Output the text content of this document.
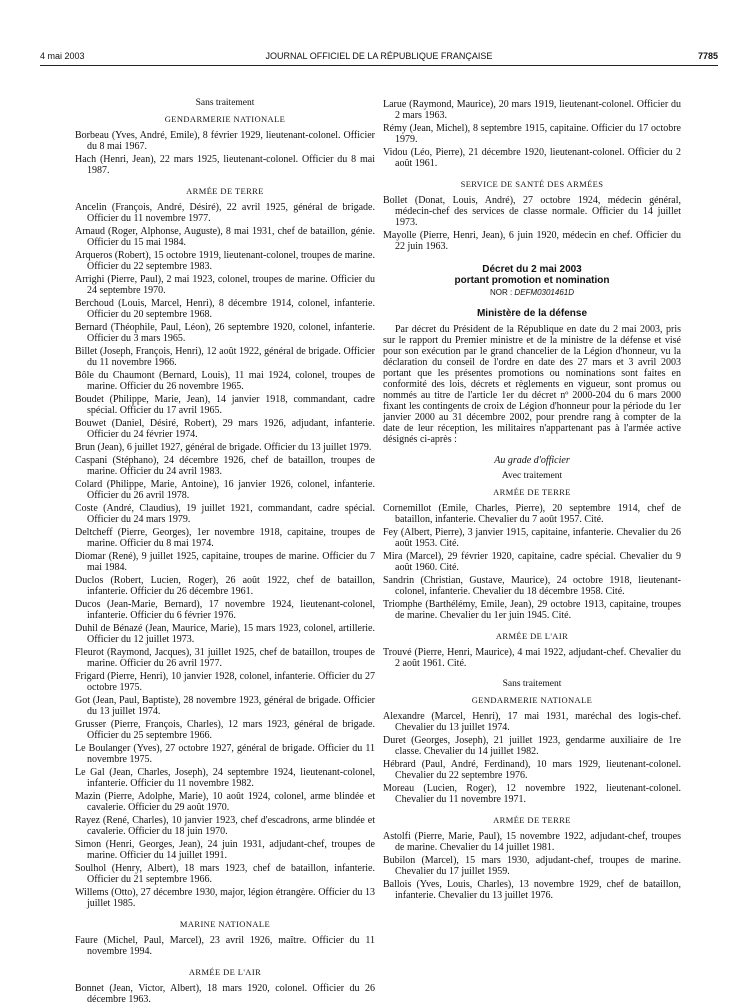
4 mai 2003	JOURNAL OFFICIEL DE LA RÉPUBLIQUE FRANÇAISE	7785

Sans traitement

GENDARMERIE NATIONALE

Borbeau (Yves, André, Emile), 8 février 1929, lieutenant-colonel. Officier du 8 mai 1967.

Hach (Henri, Jean), 22 mars 1925, lieutenant-colonel. Officier du 8 mai 1987.

ARMÉE DE TERRE

Ancelin (François, André, Désiré), 22 avril 1925, général de brigade. Officier du 11 novembre 1977.

Arnaud (Roger, Alphonse, Auguste), 8 mai 1931, chef de bataillon, génie. Officier du 15 mai 1984.

Arqueros (Robert), 15 octobre 1919, lieutenant-colonel, troupes de marine. Officier du 22 septembre 1983.

Arrighi (Pierre, Paul), 2 mai 1923, colonel, troupes de marine. Officier du 24 septembre 1970.

Berchoud (Louis, Marcel, Henri), 8 décembre 1914, colonel, infanterie. Officier du 20 septembre 1968.

Bernard (Théophile, Paul, Léon), 26 septembre 1920, colonel, infanterie. Officier du 3 mars 1965.

Billet (Joseph, François, Henri), 12 août 1922, général de brigade. Officier du 11 novembre 1966.

Bôle du Chaumont (Bernard, Louis), 11 mai 1924, colonel, troupes de marine. Officier du 26 novembre 1965.

Boudet (Philippe, Marie, Jean), 14 janvier 1918, commandant, cadre spécial. Officier du 17 avril 1965.

Bouwet (Daniel, Désiré, Robert), 29 mars 1926, adjudant, infanterie. Officier du 24 février 1974.

Brun (Jean), 6 juillet 1927, général de brigade. Officier du 13 juillet 1979.

Caspani (Stéphano), 24 décembre 1926, chef de bataillon, troupes de marine. Officier du 24 avril 1983.

Colard (Philippe, Marie, Antoine), 16 janvier 1926, colonel, infanterie. Officier du 26 avril 1978.

Coste (André, Claudius), 19 juillet 1921, commandant, cadre spécial. Officier du 24 mars 1979.

Deltcheff (Pierre, Georges), 1er novembre 1918, capitaine, troupes de marine. Officier du 8 mai 1974.

Diomar (René), 9 juillet 1925, capitaine, troupes de marine. Officier du 7 mai 1984.

Duclos (Robert, Lucien, Roger), 26 août 1922, chef de bataillon, infanterie. Officier du 26 décembre 1961.

Ducos (Jean-Marie, Bernard), 17 novembre 1924, lieutenant-colonel, infanterie. Officier du 6 février 1976.

Duhil de Bénazé (Jean, Maurice, Marie), 15 mars 1923, colonel, artillerie. Officier du 12 juillet 1973.

Fleurot (Raymond, Jacques), 31 juillet 1925, chef de bataillon, troupes de marine. Officier du 26 avril 1977.

Frigard (Pierre, Henri), 10 janvier 1928, colonel, infanterie. Officier du 27 octobre 1975.

Got (Jean, Paul, Baptiste), 28 novembre 1923, général de brigade. Officier du 13 juillet 1974.

Grusser (Pierre, François, Charles), 12 mars 1923, général de brigade. Officier du 25 septembre 1966.

Le Boulanger (Yves), 27 octobre 1927, général de brigade. Officier du 11 novembre 1975.

Le Gal (Jean, Charles, Joseph), 24 septembre 1924, lieutenant-colonel, infanterie. Officier du 11 novembre 1982.

Mazin (Pierre, Adolphe, Marie), 10 août 1924, colonel, arme blindée et cavalerie. Officier du 29 août 1970.

Rayez (René, Charles), 10 janvier 1923, chef d'escadrons, arme blindée et cavalerie. Officier du 18 juin 1970.

Simon (Henri, Georges, Jean), 24 juin 1931, adjudant-chef, troupes de marine. Officier du 14 juillet 1991.

Soulhol (Henry, Albert), 18 mars 1923, chef de bataillon, infanterie. Officier du 21 septembre 1966.

Willems (Otto), 27 décembre 1930, major, légion étrangère. Officier du 13 juillet 1985.

MARINE NATIONALE

Faure (Michel, Paul, Marcel), 23 avril 1926, maître. Officier du 11 novembre 1994.

ARMÉE DE L'AIR

Bonnet (Jean, Victor, Albert), 18 mars 1920, colonel. Officier du 26 décembre 1963.

Larue (Raymond, Maurice), 20 mars 1919, lieutenant-colonel. Officier du 2 mars 1963.

Rémy (Jean, Michel), 8 septembre 1915, capitaine. Officier du 17 octobre 1979.

Vidou (Léo, Pierre), 21 décembre 1920, lieutenant-colonel. Officier du 2 août 1961.

SERVICE DE SANTÉ DES ARMÉES

Bollet (Donat, Louis, André), 27 octobre 1924, médecin général, médecin-chef des services de classe normale. Officier du 14 juillet 1973.

Mayolle (Pierre, Henri, Jean), 6 juin 1920, médecin en chef. Officier du 22 juin 1963.

Décret du 2 mai 2003

portant promotion et nomination

NOR : DEFM0301461D

Ministère de la défense

Par décret du Président de la République en date du 2 mai 2003, pris sur le rapport du Premier ministre et de la ministre de la défense et visé pour son exécution par le grand chancelier de la Légion d'honneur, vu la déclaration du conseil de l'ordre en date des 27 mars et 3 avril 2003 portant que les présentes promotions ou nominations sont faites en conformité des lois, décrets et règlements en vigueur, sont promus ou nommés au titre de l'article 1er du décret nº 2000-204 du 6 mars 2000 fixant les contingents de croix de Légion d'honneur pour la période du 1er janvier 2000 au 31 décembre 2002, pour prendre rang à compter de la date de leur réception, les militaires n'appartenant pas à l'armée active désignés ci-après :

Au grade d'officier

Avec traitement

ARMÉE DE TERRE

Cornemillot (Emile, Charles, Pierre), 20 septembre 1914, chef de bataillon, infanterie. Chevalier du 7 août 1957. Cité.

Fey (Albert, Pierre), 3 janvier 1915, capitaine, infanterie. Chevalier du 26 août 1953. Cité.

Mira (Marcel), 29 février 1920, capitaine, cadre spécial. Chevalier du 9 août 1960. Cité.

Sandrin (Christian, Gustave, Maurice), 24 octobre 1918, lieutenant-colonel, infanterie. Chevalier du 18 décembre 1958. Cité.

Triomphe (Barthélémy, Emile, Jean), 29 octobre 1913, capitaine, troupes de marine. Chevalier du 1er juin 1945. Cité.

ARMÉE DE L'AIR

Trouvé (Pierre, Henri, Maurice), 4 mai 1922, adjudant-chef. Chevalier du 2 août 1961. Cité.

Sans traitement

GENDARMERIE NATIONALE

Alexandre (Marcel, Henri), 17 mai 1931, maréchal des logis-chef. Chevalier du 13 juillet 1974.

Duret (Georges, Joseph), 21 juillet 1923, gendarme auxiliaire de 1re classe. Chevalier du 14 juillet 1982.

Hébrard (Paul, André, Ferdinand), 10 mars 1929, lieutenant-colonel. Chevalier du 22 septembre 1976.

Moreau (Lucien, Roger), 12 novembre 1922, lieutenant-colonel. Chevalier du 11 novembre 1971.

ARMÉE DE TERRE

Astolfi (Pierre, Marie, Paul), 15 novembre 1922, adjudant-chef, troupes de marine. Chevalier du 14 juillet 1981.

Bubilon (Marcel), 15 mars 1930, adjudant-chef, troupes de marine. Chevalier du 17 juillet 1959.

Ballois (Yves, Louis, Charles), 13 novembre 1929, chef de bataillon, infanterie. Chevalier du 13 juillet 1976.
